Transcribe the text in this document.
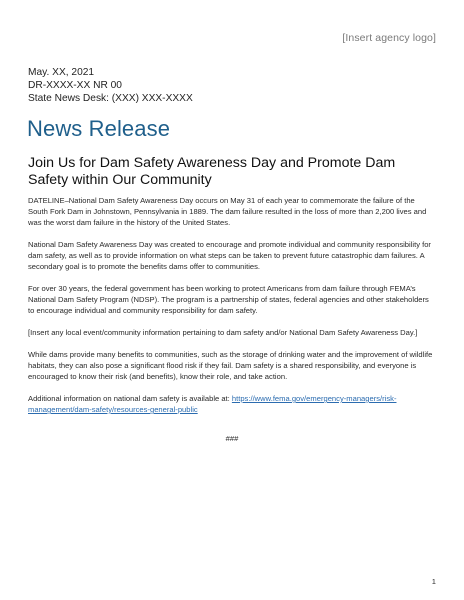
[Insert agency logo]
May. XX, 2021
DR-XXXX-XX NR 00
State News Desk: (XXX) XXX-XXXX
News Release
Join Us for Dam Safety Awareness Day and Promote Dam Safety within Our Community

DATELINE–National Dam Safety Awareness Day occurs on May 31 of each year to commemorate the failure of the South Fork Dam in Johnstown, Pennsylvania in 1889. The dam failure resulted in the loss of more than 2,200 lives and was the worst dam failure in the history of the United States.

National Dam Safety Awareness Day was created to encourage and promote individual and community responsibility for dam safety, as well as to provide information on what steps can be taken to prevent future catastrophic dam failures. A secondary goal is to promote the benefits dams offer to communities.

For over 30 years, the federal government has been working to protect Americans from dam failure through FEMA’s National Dam Safety Program (NDSP). The program is a partnership of states, federal agencies and other stakeholders to encourage individual and community responsibility for dam safety.

[Insert any local event/community information pertaining to dam safety and/or National Dam Safety Awareness Day.]

While dams provide many benefits to communities, such as the storage of drinking water and the improvement of wildlife habitats, they can also pose a significant flood risk if they fail. Dam safety is a shared responsibility, and everyone is encouraged to know their risk (and benefits), know their role, and take action.

Additional information on national dam safety is available at: https://www.fema.gov/emergency-managers/risk-management/dam-safety/resources-general-public

###
1
